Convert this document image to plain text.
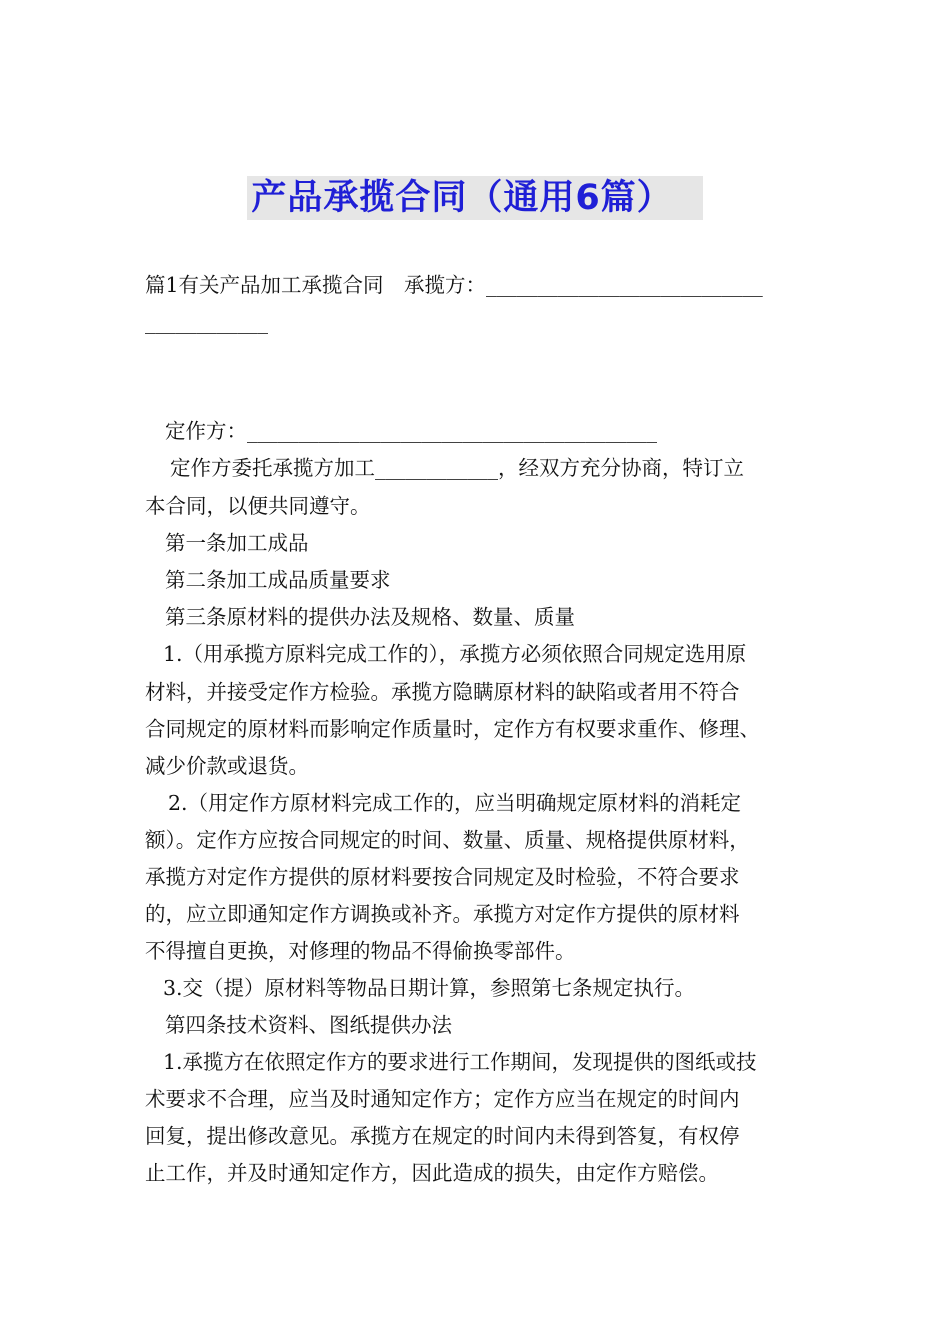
产品承揽合同（通用6篇）

篇1有关产品加工承揽合同　承揽方：___________________________

____________

定作方：________________________________________

定作方委托承揽方加工____________，经双方充分协商，特订立

本合同，以便共同遵守。

第一条加工成品

第二条加工成品质量要求

第三条原材料的提供办法及规格、数量、质量

1.（用承揽方原料完成工作的），承揽方必须依照合同规定选用原

材料，并接受定作方检验。承揽方隐瞒原材料的缺陷或者用不符合

合同规定的原材料而影响定作质量时，定作方有权要求重作、修理、

减少价款或退货。

2.（用定作方原材料完成工作的，应当明确规定原材料的消耗定

额）。定作方应按合同规定的时间、数量、质量、规格提供原材料，

承揽方对定作方提供的原材料要按合同规定及时检验，不符合要求

的，应立即通知定作方调换或补齐。承揽方对定作方提供的原材料

不得擅自更换，对修理的物品不得偷换零部件。

3.交（提）原材料等物品日期计算，参照第七条规定执行。

第四条技术资料、图纸提供办法

1.承揽方在依照定作方的要求进行工作期间，发现提供的图纸或技

术要求不合理，应当及时通知定作方；定作方应当在规定的时间内

回复，提出修改意见。承揽方在规定的时间内未得到答复，有权停

止工作，并及时通知定作方，因此造成的损失，由定作方赔偿。
